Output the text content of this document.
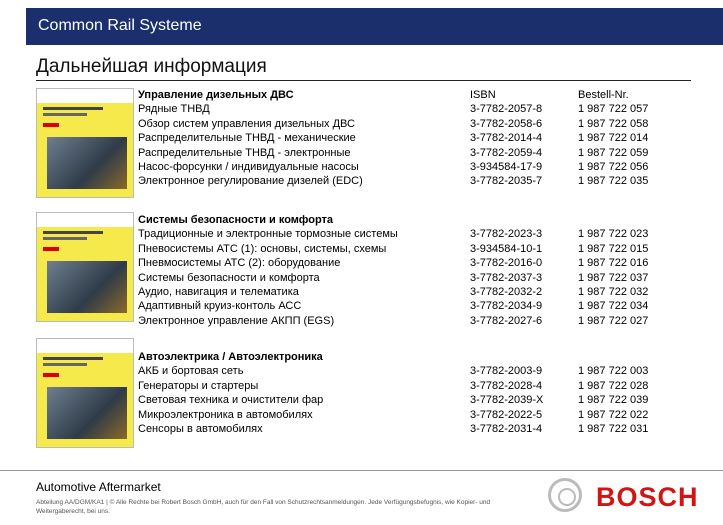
Common Rail Systeme
Дальнейшая информация
Управление дизельных ДВС	ISBN	Bestell-Nr.
Рядные ТНВД	3-7782-2057-8	1 987 722 057
Обзор систем управления дизельных ДВС	3-7782-2058-6	1 987 722 058
Распределительные ТНВД - механические	3-7782-2014-4	1 987 722 014
Распределительные ТНВД - электронные	3-7782-2059-4	1 987 722 059
Насос-форсунки / индивидуальные насосы	3-934584-17-9	1 987 722 056
Электронное регулирование дизелей (EDC)	3-7782-2035-7	1 987 722 035
Системы безопасности и комфорта
Традиционные и электронные тормозные системы	3-7782-2023-3	1 987 722 023
Пневосистемы АТС (1): основы, системы, схемы	3-934584-10-1	1 987 722 015
Пневмосистемы АТС (2): оборудование	3-7782-2016-0	1 987 722 016
Системы безопасности и комфорта	3-7782-2037-3	1 987 722 037
Аудио, навигация и телематика	3-7782-2032-2	1 987 722 032
Адаптивный круиз-контоль АСС	3-7782-2034-9	1 987 722 034
Электронное управление АКПП (EGS)	3-7782-2027-6	1 987 722 027
Автоэлектрика / Автоэлектроника
АКБ и бортовая сеть	3-7782-2003-9	1 987 722 003
Генераторы и стартеры	3-7782-2028-4	1 987 722 028
Световая техника и очистители фар	3-7782-2039-X	1 987 722 039
Микроэлектроника в автомобилях	3-7782-2022-5	1 987 722 022
Сенсоры в автомобилях	3-7782-2031-4	1 987 722 031
Automotive Aftermarket
Abteilung AA/DGM/KA1 | © Alle Rechte bei Robert Bosch GmbH, auch für den Fall von Schutzrechtsanmeldungen. Jede Verfügungsbefugnis, wie Kopier- und Weitergaberecht, bei uns.	BOSCH
